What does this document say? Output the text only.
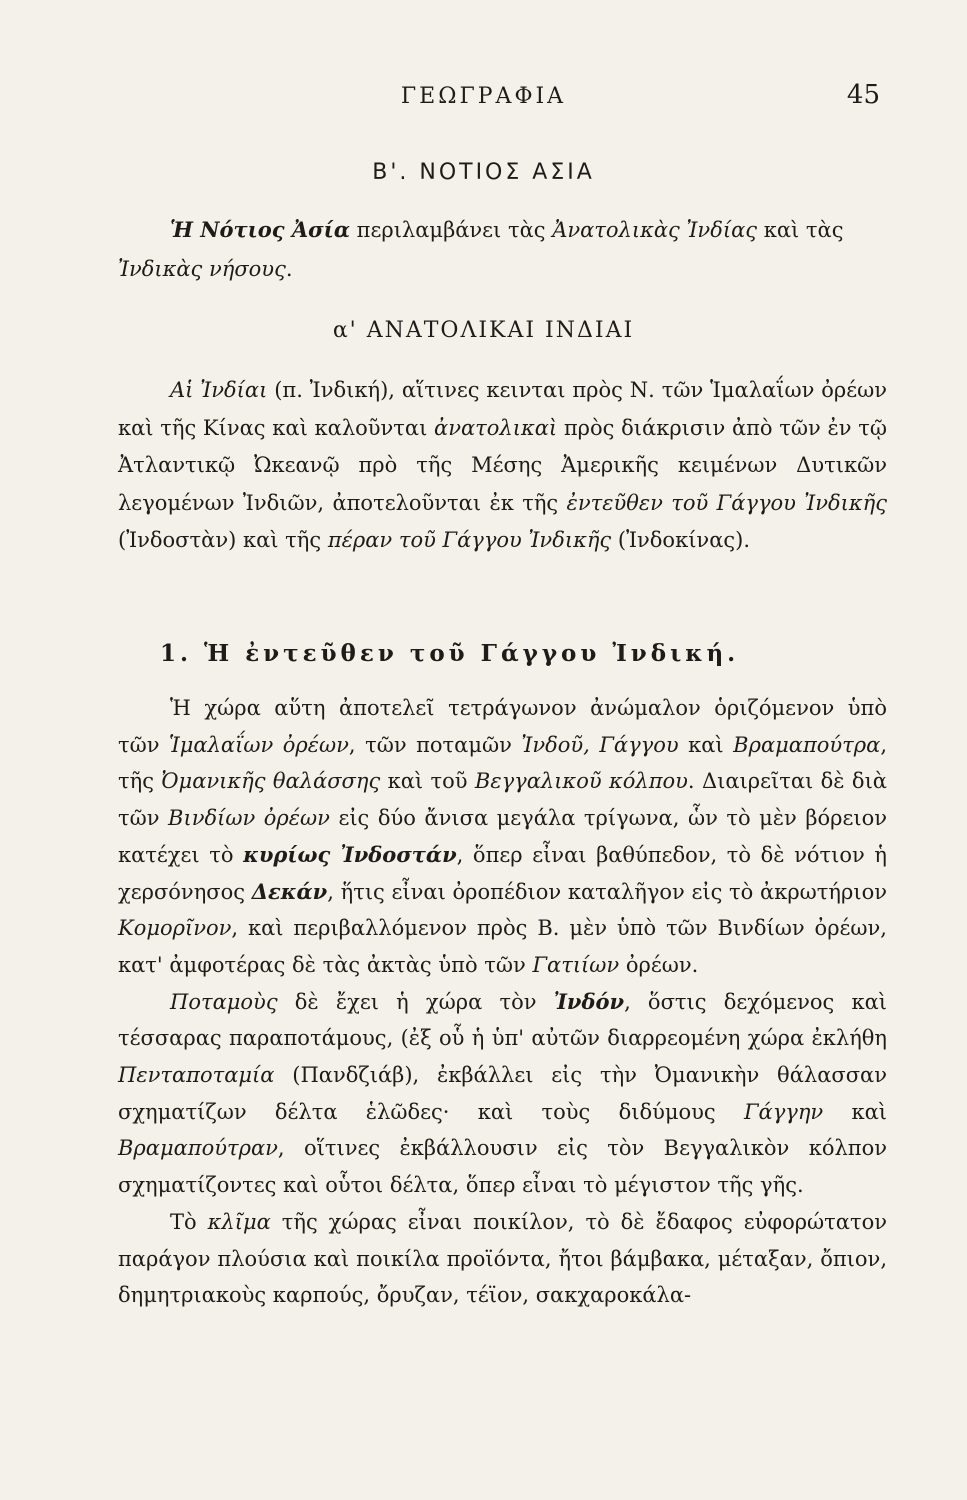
ΓΕΩΓΡΑΦΙΑ	45
Β'. ΝΟΤΙΟΣ ΑΣΙΑ

Ἡ Νότιος Ἀσία περιλαμβάνει τὰς Ἀνατολικὰς Ἰνδίας καὶ τὰς Ἰνδικὰς νήσους.

α' ΑΝΑΤΟΛΙΚΑΙ ΙΝΔΙΑΙ

Αἱ Ἰνδίαι (π. Ἰνδική), αἵτινες κεινται πρὸς Ν. τῶν Ἱμαλαΐων ὀρέων καὶ τῆς Κίνας καὶ καλοῦνται ἀνατολικαὶ πρὸς διάκρισιν ἀπὸ τῶν ἐν τῷ Ἀτλαντικῷ Ὠκεανῷ πρὸ τῆς Μέσης Ἀμερικῆς κειμένων Δυτικῶν λεγομένων Ἰνδιῶν, ἀποτελοῦνται ἐκ τῆς ἐντεῦθεν τοῦ Γάγγου Ἰνδικῆς (Ἰνδοστὰν) καὶ τῆς πέραν τοῦ Γάγγου Ἰνδικῆς (Ἰνδοκίνας).

1. Ἡ ἐντεῦθεν τοῦ Γάγγου Ἰνδική.

Ἡ χώρα αὕτη ἀποτελεῖ τετράγωνον ἀνώμαλον ὁριζόμενον ὑπὸ τῶν Ἱμαλαΐων ὀρέων, τῶν ποταμῶν Ἰνδοῦ, Γάγγου καὶ Βραμαπούτρα, τῆς Ὀμανικῆς θαλάσσης καὶ τοῦ Βεγγαλικοῦ κόλπου. Διαιρεῖται δὲ διὰ τῶν Βινδίων ὀρέων εἰς δύο ἄνισα μεγάλα τρίγωνα, ὧν τὸ μὲν βόρειον κατέχει τὸ κυρίως Ἰνδοστάν, ὅπερ εἶναι βαθύπεδον, τὸ δὲ νότιον ἡ χερσόνησος Δεκάν, ἥτις εἶναι ὀροπέδιον καταλῆγον εἰς τὸ ἀκρωτήριον Κομορῖνον, καὶ περιβαλλόμενον πρὸς Β. μὲν ὑπὸ τῶν Βινδίων ὀρέων, κατ' ἀμφοτέρας δὲ τὰς ἀκτὰς ὑπὸ τῶν Γατιίων ὀρέων.

Ποταμοὺς δὲ ἔχει ἡ χώρα τὸν Ἰνδόν, ὅστις δεχόμενος καὶ τέσσαρας παραποτάμους, (ἐξ οὗ ἡ ὑπ' αὐτῶν διαρρεομένη χώρα ἐκλήθη Πενταποταμία (Πανδζιάβ), ἐκβάλλει εἰς τὴν Ὀμανικὴν θάλασσαν σχηματίζων δέλτα ἑλῶδες· καὶ τοὺς διδύμους Γάγγην καὶ Βραμαπούτραν, οἵτινες ἐκβάλλουσιν εἰς τὸν Βεγγαλικὸν κόλπον σχηματίζοντες καὶ οὗτοι δέλτα, ὅπερ εἶναι τὸ μέγιστον τῆς γῆς.

Τὸ κλῖμα τῆς χώρας εἶναι ποικίλον, τὸ δὲ ἔδαφος εὐφορώτατον παράγον πλούσια καὶ ποικίλα προϊόντα, ἤτοι βάμβακα, μέταξαν, ὄπιον, δημητριακοὺς καρπούς, ὄρυζαν, τέϊον, σακχαροκάλα-
